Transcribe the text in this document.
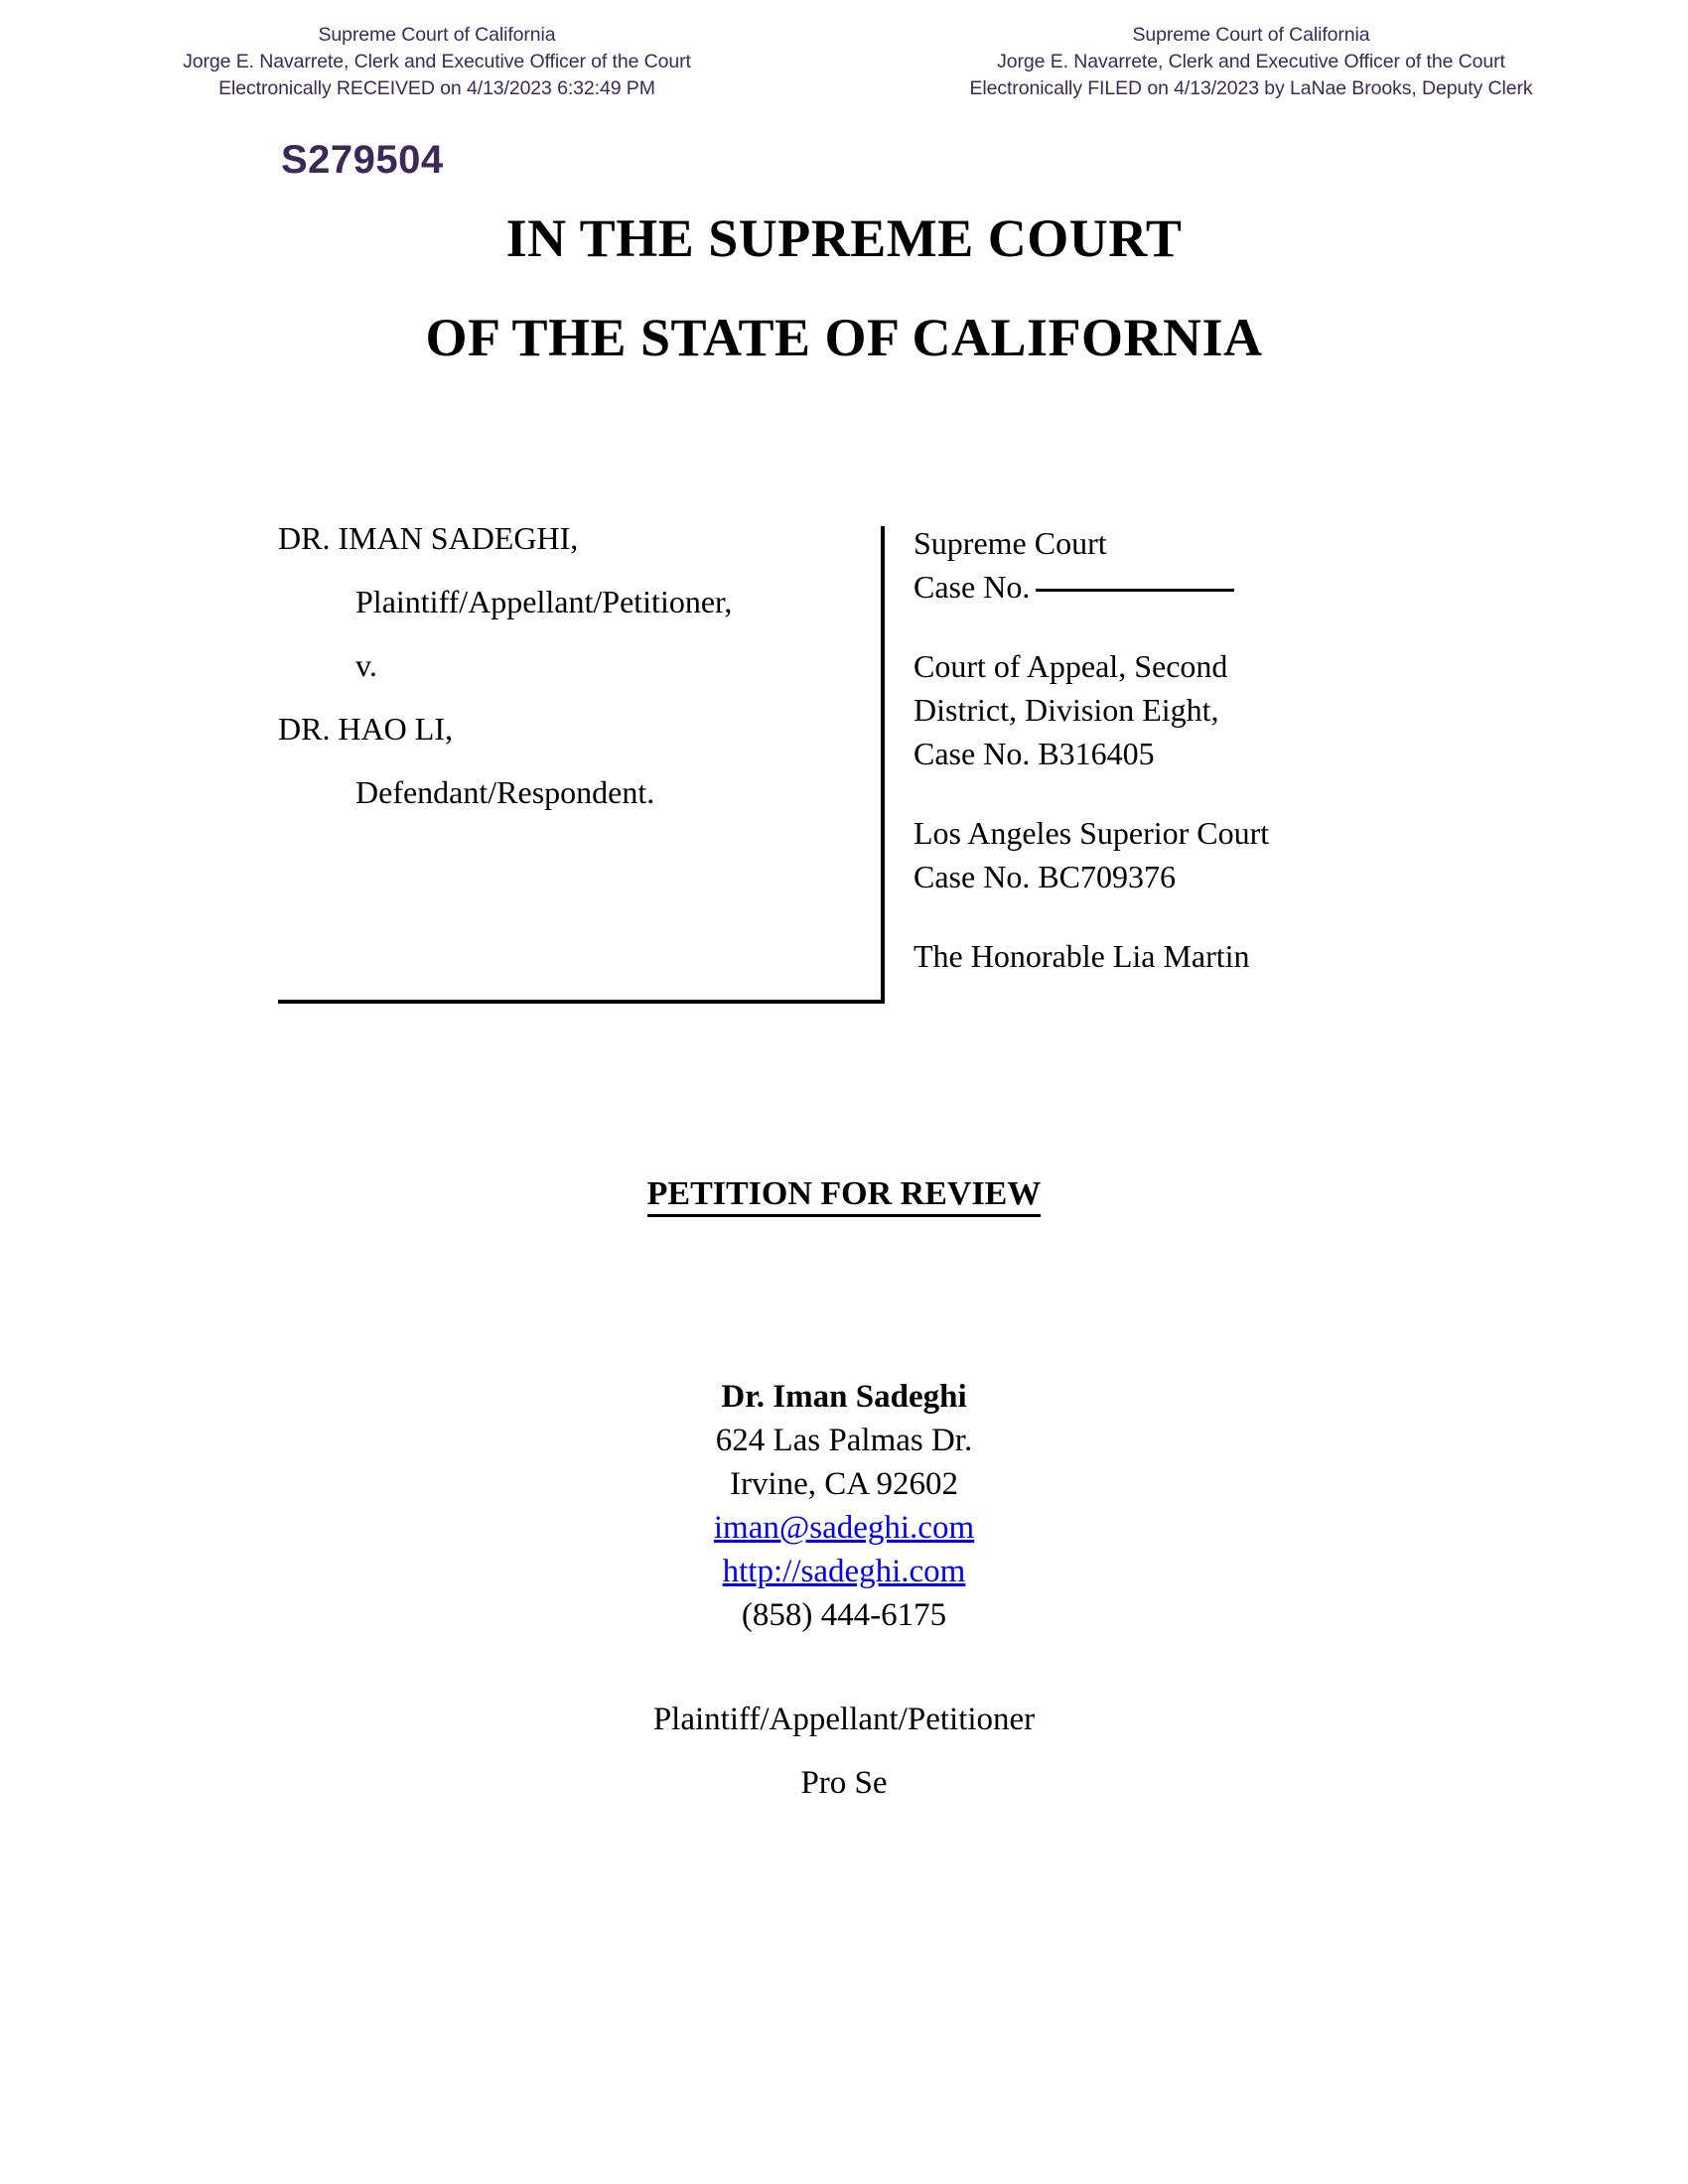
Supreme Court of California
Jorge E. Navarrete, Clerk and Executive Officer of the Court
Electronically RECEIVED on 4/13/2023 6:32:49 PM
Supreme Court of California
Jorge E. Navarrete, Clerk and Executive Officer of the Court
Electronically FILED on 4/13/2023 by LaNae Brooks, Deputy Clerk
S279504
IN THE SUPREME COURT
OF THE STATE OF CALIFORNIA
DR. IMAN SADEGHI,
Plaintiff/Appellant/Petitioner,
v.
DR. HAO LI,
Defendant/Respondent.
Supreme Court
Case No.
Court of Appeal, Second
District, Division Eight,
Case No. B316405
Los Angeles Superior Court
Case No. BC709376
The Honorable Lia Martin
PETITION FOR REVIEW
Dr. Iman Sadeghi
624 Las Palmas Dr.
Irvine, CA 92602
iman@sadeghi.com
http://sadeghi.com
(858) 444-6175
Plaintiff/Appellant/Petitioner
Pro Se
